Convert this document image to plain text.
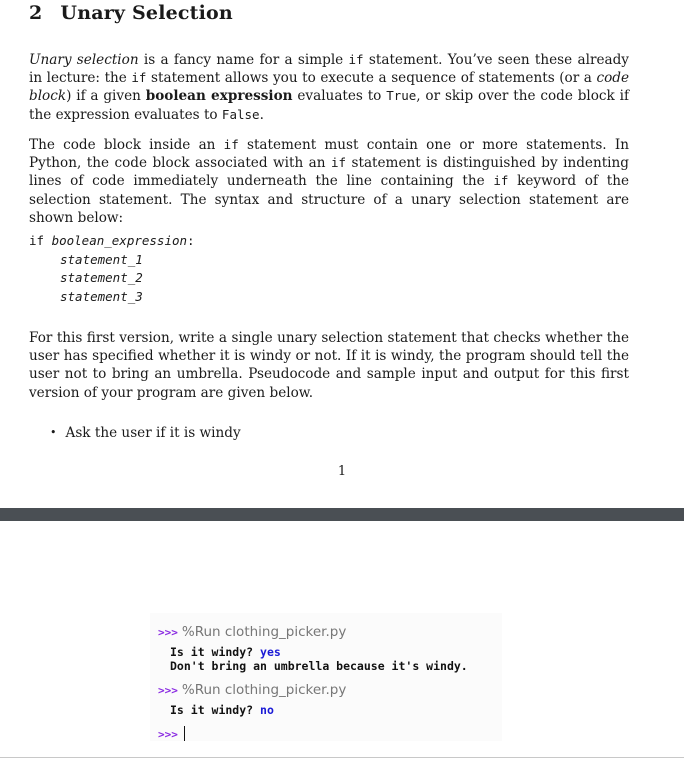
2 Unary Selection

Unary selection is a fancy name for a simple if statement. You’ve seen these already in lecture: the if statement allows you to execute a sequence of statements (or a code block) if a given boolean expression evaluates to True, or skip over the code block if the expression evaluates to False.

The code block inside an if statement must contain one or more statements. In Python, the code block associated with an if statement is distinguished by indenting lines of code immediately underneath the line containing the if keyword of the selection statement. The syntax and structure of a unary selection statement are shown below:

if boolean_expression:
statement_1
statement_2
statement_3

For this first version, write a single unary selection statement that checks whether the user has specified whether it is windy or not. If it is windy, the program should tell the user not to bring an umbrella. Pseudocode and sample input and output for this first version of your program are given below.

• Ask the user if it is windy
1
>>> %Run clothing_picker.py
Is it windy? yes
Don't bring an umbrella because it's windy.
>>> %Run clothing_picker.py
Is it windy? no
>>>
